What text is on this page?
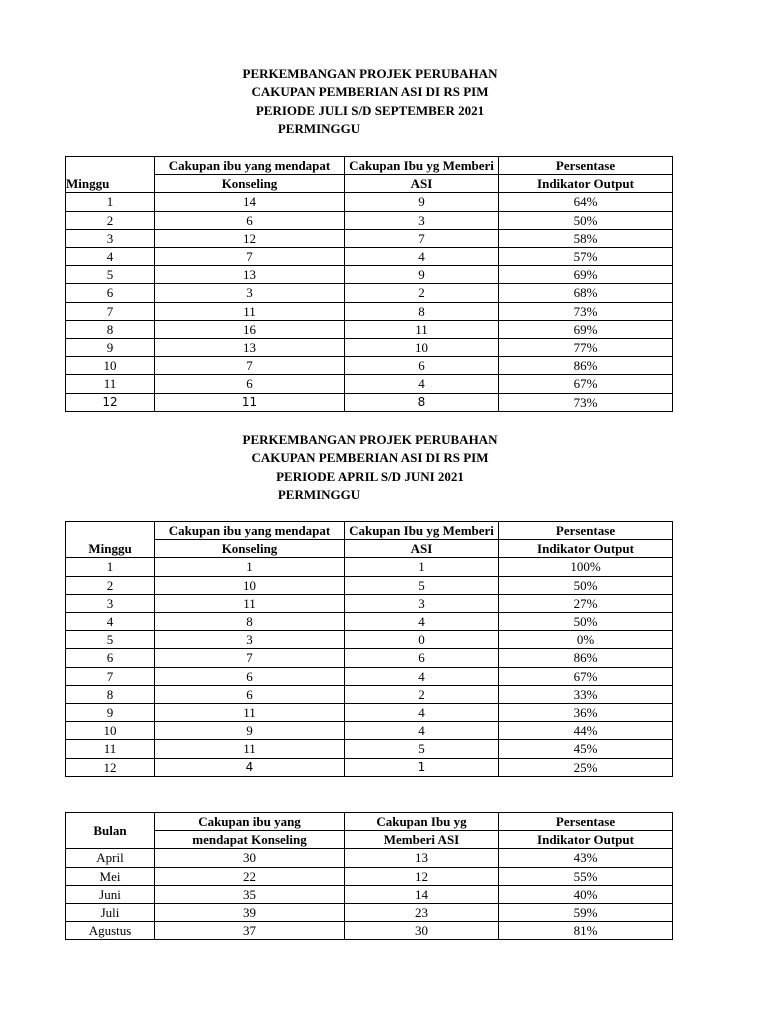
PERKEMBANGAN PROJEK PERUBAHAN
CAKUPAN PEMBERIAN ASI DI RS PIM
PERIODE JULI S/D SEPTEMBER 2021
PERMINGGU
	Cakupan ibu yang mendapat	Cakupan Ibu yg Memberi	Persentase
Minggu	Konseling	ASI	Indikator Output
1	14	9	64%
2	6	3	50%
3	12	7	58%
4	7	4	57%
5	13	9	69%
6	3	2	68%
7	11	8	73%
8	16	11	69%
9	13	10	77%
10	7	6	86%
11	6	4	67%
12	11	8	73%
PERKEMBANGAN PROJEK PERUBAHAN
CAKUPAN PEMBERIAN ASI DI RS PIM
PERIODE APRIL S/D JUNI 2021
PERMINGGU
	Cakupan ibu yang mendapat	Cakupan Ibu yg Memberi	Persentase
Minggu	Konseling	ASI	Indikator Output
1	1	1	100%
2	10	5	50%
3	11	3	27%
4	8	4	50%
5	3	0	0%
6	7	6	86%
7	6	4	67%
8	6	2	33%
9	11	4	36%
10	9	4	44%
11	11	5	45%
12	4	1	25%
Bulan	Cakupan ibu yang	Cakupan Ibu yg	Persentase
	mendapat Konseling	Memberi ASI	Indikator Output
April	30	13	43%
Mei	22	12	55%
Juni	35	14	40%
Juli	39	23	59%
Agustus	37	30	81%
